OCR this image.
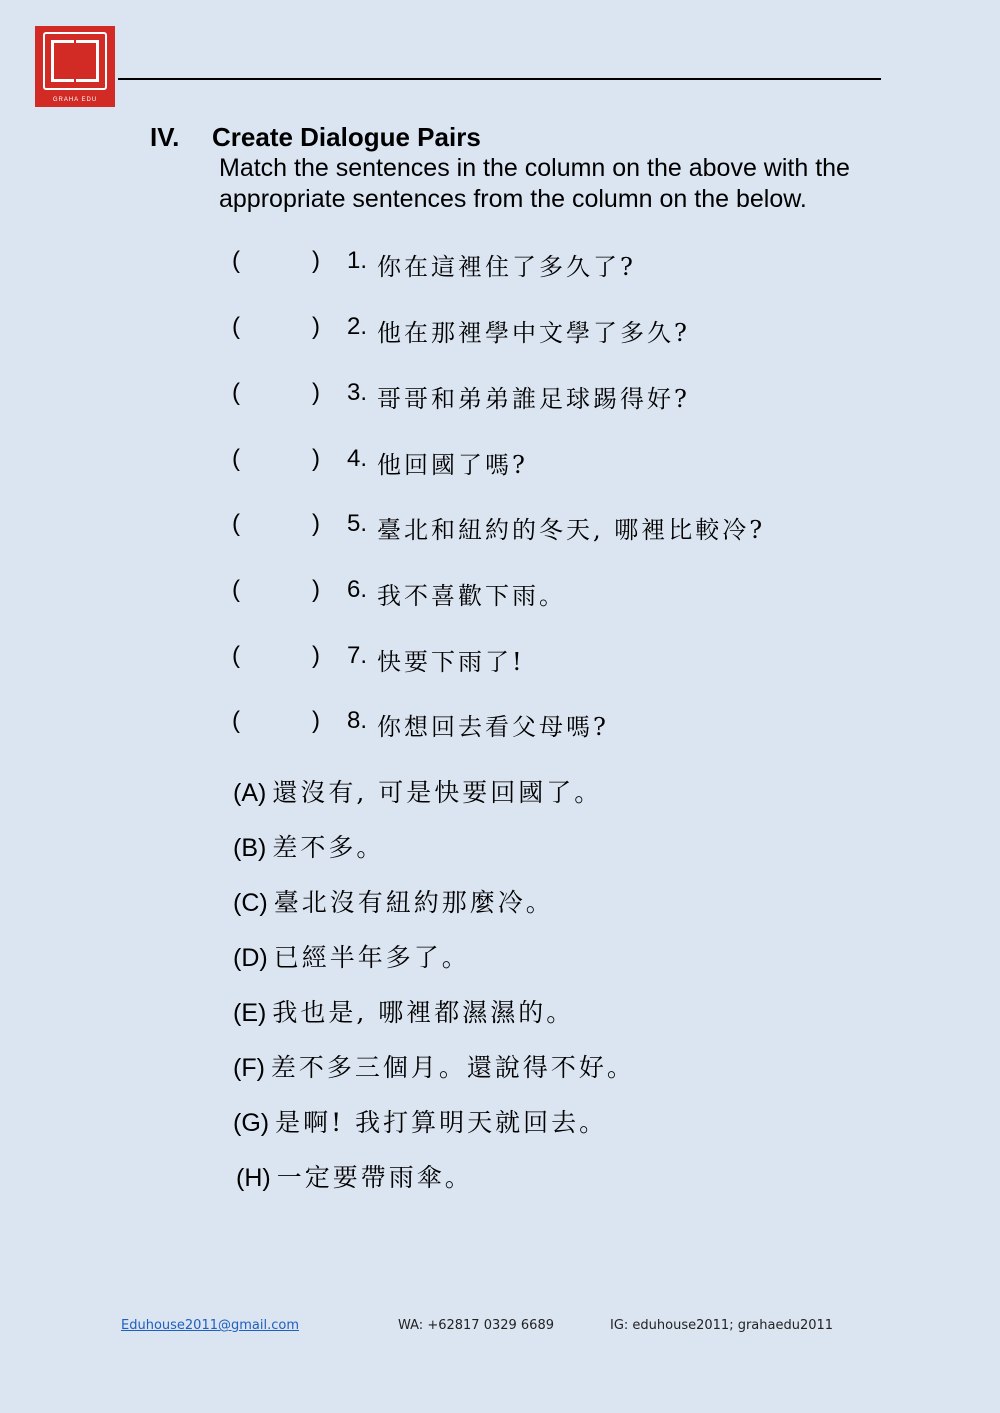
GRAHA EDU
IV. Create Dialogue Pairs
Match the sentences in the column on the above with the appropriate sentences from the column on the below.
(	) 1. 你在這裡住了多久了?
(	) 2. 他在那裡學中文學了多久?
(	) 3. 哥哥和弟弟誰足球踢得好?
(	) 4. 他回國了嗎?
(	) 5. 臺北和紐約的冬天, 哪裡比較冷?
(	) 6. 我不喜歡下雨。
(	) 7. 快要下雨了!
(	) 8. 你想回去看父母嗎?
(A) 還沒有, 可是快要回國了。
(B) 差不多。
(C) 臺北沒有紐約那麼冷。
(D) 已經半年多了。
(E) 我也是, 哪裡都濕濕的。
(F) 差不多三個月。還說得不好。
(G) 是啊! 我打算明天就回去。
(H) 一定要帶雨傘。
Eduhouse2011@gmail.com	WA: +62817 0329 6689	IG: eduhouse2011; grahaedu2011
